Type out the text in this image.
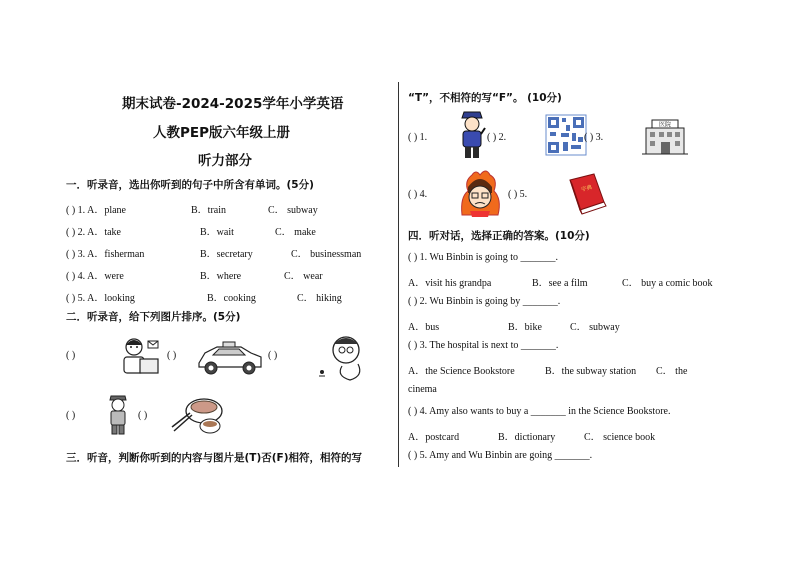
期末试卷-2024-2025学年小学英语
人教PEP版六年级上册
听力部分
一．听录音，选出你听到的句子中所含有单词。(5分)
( ) 1. A．plane	B．train	C． subway
( ) 2. A．take	B．wait	C． make
( ) 3. A．fisherman	B．secretary	C． businessman
( ) 4. A．were	B．where	C． wear
( ) 5. A．looking	B．cooking	C． hiking
二．听录音，给下列图片排序。(5分)
( )	( )	( )
( )	( )
三．听音，判断你听到的内容与图片是(T)否(F)相符，相符的写
“T”，不相符的写“F”。 (10分)
( ) 1.	( ) 2.	( ) 3.
医院
( ) 4.	( ) 5.	字典
四．听对话，选择正确的答案。(10分)
( ) 1. Wu Binbin is going to _______.
A．visit his grandpa	B．see a film	C． buy a comic book
( ) 2. Wu Binbin is going by _______.
A．bus	B．bike	C． subway
( ) 3. The hospital is next to _______.
A．the Science Bookstore	B．the subway station C． the
cinema
( ) 4. Amy also wants to buy a _______ in the Science Bookstore.
A．postcard	B．dictionary	C． science book
( ) 5. Amy and Wu Binbin are going _______.
